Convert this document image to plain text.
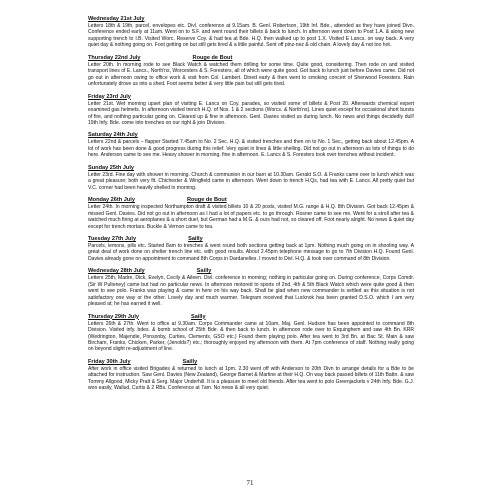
Wednesday 21st July
Letters 18th & 19th, parcel, envelopes etc. Divl. conference at 9.15am. B. Genl. Robertson, 19th Inf. Bde., attended as they have joined Divn. Conference ended early at 11am. Went on to S.F. and went round their billets & back to lunch. In afternoon went down to Post 1.A. & along new supporting trench to I.B. Visited Worc. Reserve Coy. & had tea at Bde. H.Q. then walked up to post 1.X. Visited E Lancs. on way back. A very quiet day & nothing going on. Foot getting on but still gets tired & a little painful. Sent off pinz-nez & old chain. A lovely day & not too hot.
Thursday 22nd July	Rouge de Bout
Letter 20th. In morning rode to see Black Watch & watched them drilling for some time. Quite good, considering. Then rode on and visited transport lines of E. Lancs., North'ns, Worcesters & S. Foresters, all of which were quite good. Got back to lunch just before Davies came. Did not go out in afternoon owing to office work & visit from Col. Lambert. Dined early & then went to smoking concert of Sherwood Foresters. Rain unfortunately drove us into a shed. Foot seems better & very little pain but still gets tired.
Friday 23rd July
Letter 21st. Wet morning upset plan of visiting E. Lancs on Coy. parades, so visited some of billets & Post 20. Afterwards chemical expert examined gas helmets. In afternoon visited trench H.Q. of Nos. 1 & 2 sections (Worcs. & North'ns). Lines quiet except for occasional short bursts of fire, and nothing particular going on. Cleared up & fine in afternoon. Genl. Davies visited us during lunch. No news and things decidedly dull! 19th Infy. Bde. come into trenches on our right & join Division.
Saturday 24th July
Letters 22nd & parcels – flapper Started 7.45am to No. 2 Sec. H.Q. & visited trenches and then on to No. 1 Sec., getting back about 12.45pm. A lot of work has been done & good progress during this relief. Very quiet in lines & little shelling. Did not go out in afternoon as lots of things to do here. Anderson came to see me. Heavy shower in morning, fine in afternoon. E. Lancs & S. Foresters took over trenches without incident.
Sunday 25th July
Letter 23rd. Fine day with shower in morning. Church & communion in our barn at 10.30am. Gerald S.O. & Franks came over to lunch which was a great pleasure; both very fit. Chichester & Wingfield came in afternoon. Went down to trench H.Qs, had tea with E. Lancs. All pretty quiet but V.C. corner had been heavily shelled in morning.
Monday 26th July	Rouge de Bout
Letter 24th. In morning inspected Northampton draft & visited billets 10 & 20 posts, visited M.G. range & H.Q. 8th Division. Got back 12.45pm & missed Genl. Davies. Did not go out in afternoon as I had a lot of papers etc. to go through. Rosner came to see me. Went for a stroll after tea & watched much firing at aeroplanes & a short duel, but German had a M.G. & ours had not, so cleared off. Foot nearly alright. No news & quiet day except for trench mortars. Buckle & Vernon came to tea.
Tuesday 27th July	Sailly
Parcels, lemons, pills etc. Started 8am to trenches & went round both sections getting back at 1pm. Nothing much going on in shooting way. A great deal of work done on shelter trench line etc. with good results. About 2.45pm telephone message to go to 7th Division H.Q. Found Genl. Davies already gone on appointment to command 8th Corps in Dardanelles. I moved to Divl. H.Q. & took over command of 8th Division.
Wednesday 28th July	Sailly
Letters 25th, Madre, Dick, Evelyn, Cecily & Aileen. Divl. conference in morning; nothing in particular going on. During conference, Corps Comdr. (Sir W Pulteney) came but had no particular news. In afternoon motored to sports of 2nd, 4th & 5th Black Watch which were quite good & then went to see polo. Franks was playing & came in here on his way back. Shall be glad when new commander is settled as this situation is not satisfactory one way or the other. Lovely day and much warmer. Telegram received that Lucknok has been granted D.S.O. which I am very pleased at; he has earned it well.
Thursday 29th July	Sailly
Letters 26th & 27th. Went to office at 9.30am. Corps Commander came at 10am. Maj. Genl. Hudson has been appointed to command 8th Division. Visited infy. bdes. & bomb school of 25th Bde. & then back to lunch. In afternoon rode over to Erquinghem and saw 4th Bn. KRR (Wedrington, Majendie, Ponsonby, Curties, Clements, GSO etc.) Found them playing polo. After tea went to 3rd Bn. at Bac St. Main & saw Bircham, Franks, Chicken, Parker, (Jenolds?) etc.; thoroughly enjoyed my afternoon with them. At 7pm conference of staff. Nothing really going on beyond slight re-adjustment of line.
Friday 30th July	Sailly
After work in office visited Brigades & returned to lunch at 1pm. 2.30 went off with Anderson to 20th Divn to arrange details for a Bde to be attached for instruction. Saw Genl. Davies (New Zealand), George Barnet & Martine at their H.Q. On way back passed billets of 11th Battn. & saw Tommy Allgood, Micky Pratt & Serg. Major Underhill. It is a pleasure to meet old friends. After tea went to polo Greenjackets v 24th Infy. Bde. G.J. won easily, Wallud, Curtis & 2 RBs. Conference at 7am. No news & all very quiet.
71
